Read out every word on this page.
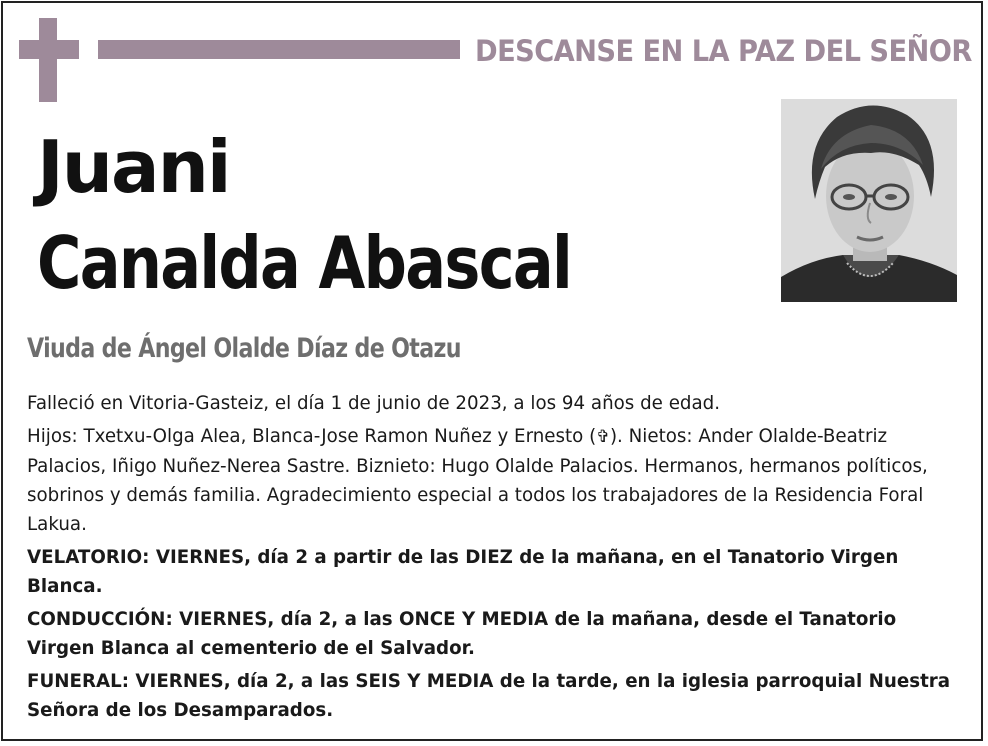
DESCANSE EN LA PAZ DEL SEÑOR
Juani
Canalda Abascal
Viuda de Ángel Olalde Díaz de Otazu

Falleció en Vitoria-Gasteiz, el día 1 de junio de 2023, a los 94 años de edad.

Hijos: Txetxu-Olga Alea, Blanca-Jose Ramon Nuñez y Ernesto (✞). Nietos: Ander Olalde-Beatriz Palacios, Iñigo Nuñez-Nerea Sastre. Biznieto: Hugo Olalde Palacios. Hermanos, hermanos políticos, sobrinos y demás familia. Agradecimiento especial a todos los trabajadores de la Residencia Foral Lakua.

VELATORIO: VIERNES, día 2 a partir de las DIEZ de la mañana, en el Tanatorio Virgen Blanca.

CONDUCCIÓN: VIERNES, día 2, a las ONCE Y MEDIA de la mañana, desde el Tanatorio Virgen Blanca al cementerio de el Salvador.

FUNERAL: VIERNES, día 2, a las SEIS Y MEDIA de la tarde, en la iglesia parroquial Nuestra Señora de los Desamparados.
